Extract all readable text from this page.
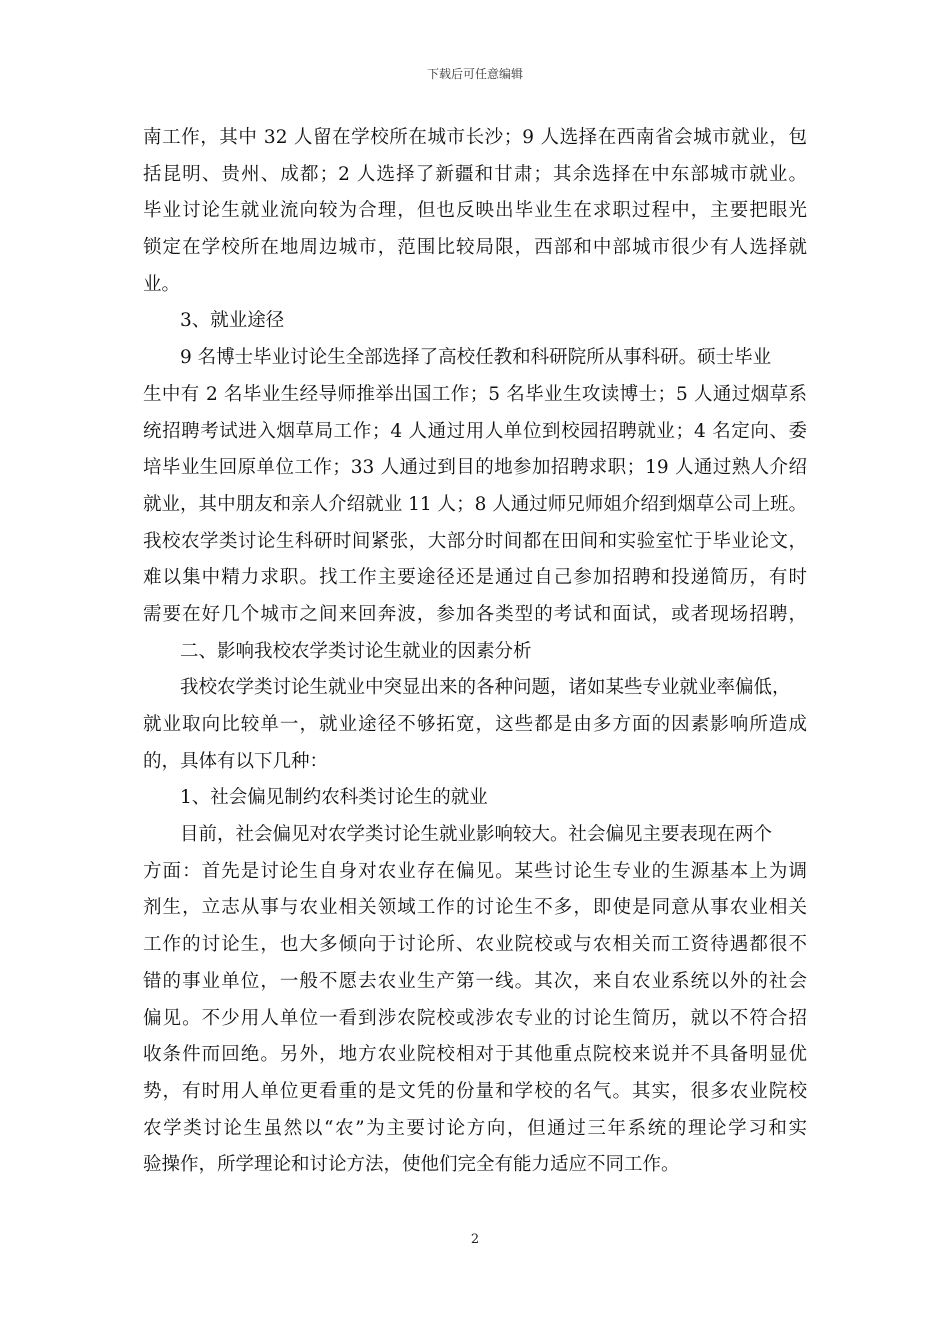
下载后可任意编辑
南工作，其中 32 人留在学校所在城市长沙；9 人选择在西南省会城市就业，包
括昆明、贵州、成都；2 人选择了新疆和甘肃；其余选择在中东部城市就业。
毕业讨论生就业流向较为合理，但也反映出毕业生在求职过程中，主要把眼光
锁定在学校所在地周边城市，范围比较局限，西部和中部城市很少有人选择就
业。
3、就业途径
9 名博士毕业讨论生全部选择了高校任教和科研院所从事科研。硕士毕业
生中有 2 名毕业生经导师推举出国工作；5 名毕业生攻读博士；5 人通过烟草系
统招聘考试进入烟草局工作；4 人通过用人单位到校园招聘就业；4 名定向、委
培毕业生回原单位工作；33 人通过到目的地参加招聘求职；19 人通过熟人介绍
就业，其中朋友和亲人介绍就业 11 人；8 人通过师兄师姐介绍到烟草公司上班。
我校农学类讨论生科研时间紧张，大部分时间都在田间和实验室忙于毕业论文，
难以集中精力求职。找工作主要途径还是通过自己参加招聘和投递简历，有时
需要在好几个城市之间来回奔波，参加各类型的考试和面试，或者现场招聘，
二、影响我校农学类讨论生就业的因素分析
我校农学类讨论生就业中突显出来的各种问题，诸如某些专业就业率偏低，
就业取向比较单一，就业途径不够拓宽，这些都是由多方面的因素影响所造成
的，具体有以下几种：
1、社会偏见制约农科类讨论生的就业
目前，社会偏见对农学类讨论生就业影响较大。社会偏见主要表现在两个
方面：首先是讨论生自身对农业存在偏见。某些讨论生专业的生源基本上为调
剂生，立志从事与农业相关领域工作的讨论生不多，即使是同意从事农业相关
工作的讨论生，也大多倾向于讨论所、农业院校或与农相关而工资待遇都很不
错的事业单位，一般不愿去农业生产第一线。其次，来自农业系统以外的社会
偏见。不少用人单位一看到涉农院校或涉农专业的讨论生简历，就以不符合招
收条件而回绝。另外，地方农业院校相对于其他重点院校来说并不具备明显优
势，有时用人单位更看重的是文凭的份量和学校的名气。其实，很多农业院校
农学类讨论生虽然以“农”为主要讨论方向，但通过三年系统的理论学习和实
验操作，所学理论和讨论方法，使他们完全有能力适应不同工作。
2
